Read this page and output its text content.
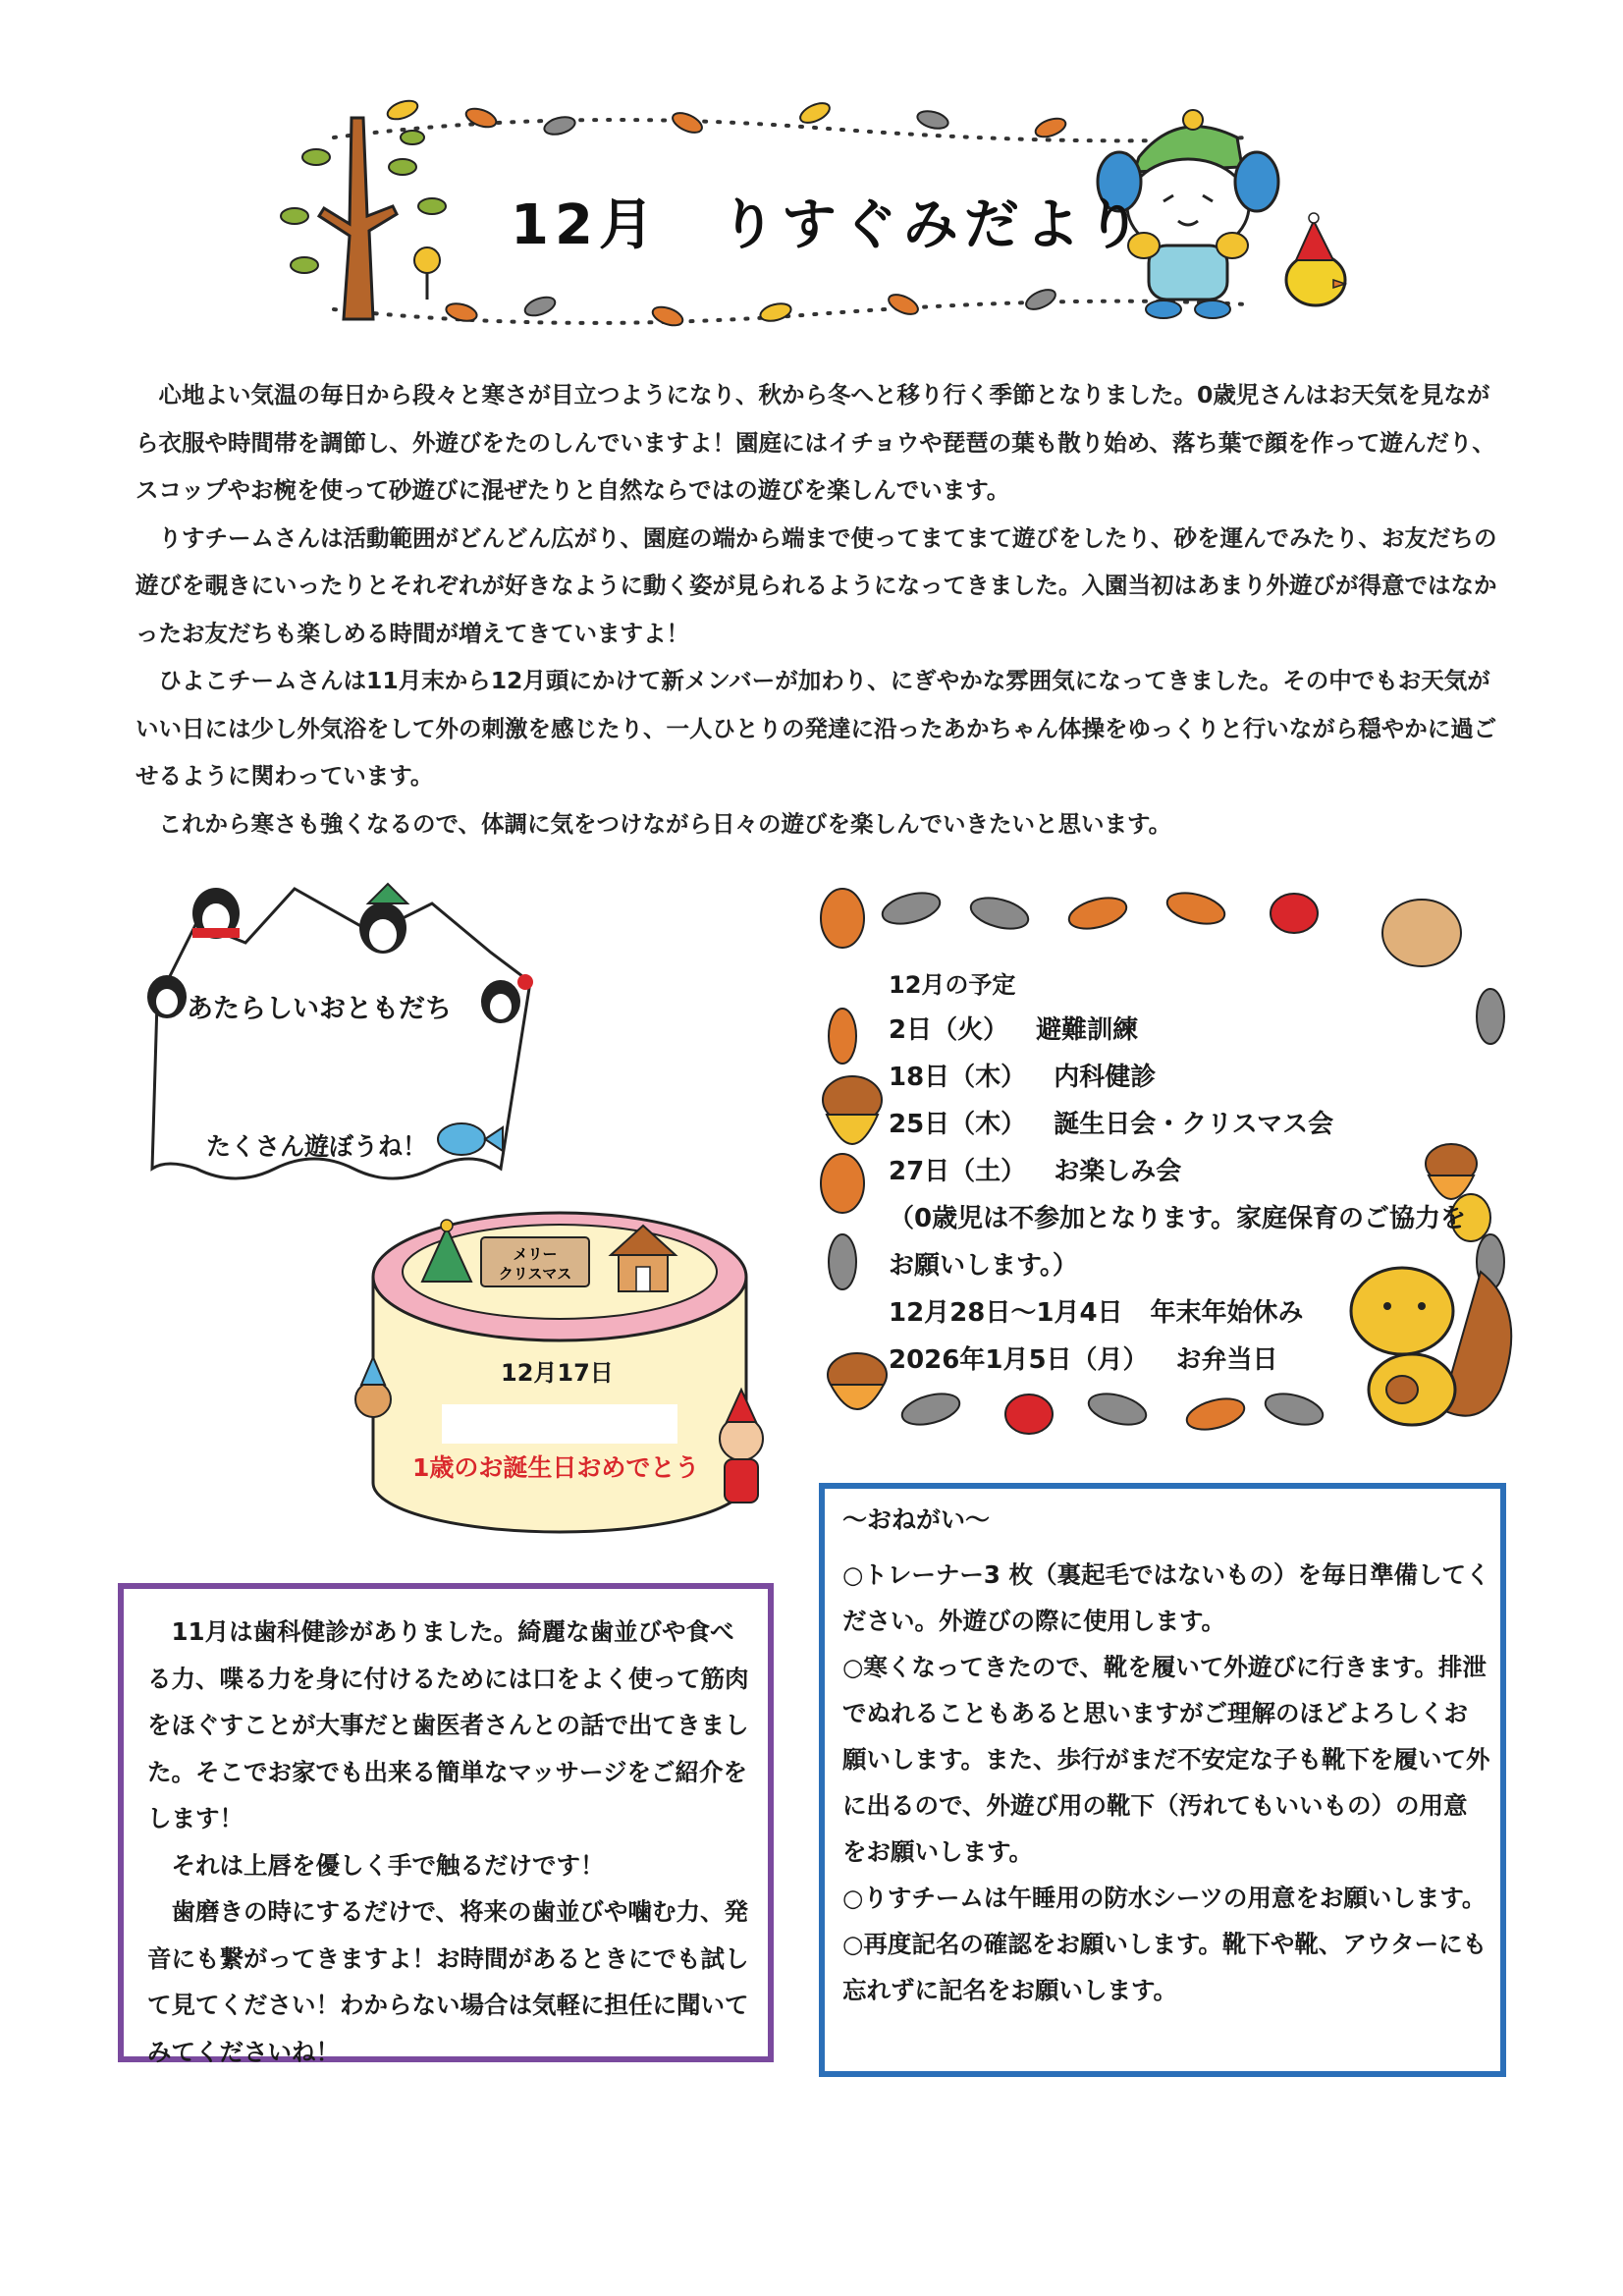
12月　りすぐみだより

心地よい気温の毎日から段々と寒さが目立つようになり、秋から冬へと移り行く季節となりました。0歳児さんはお天気を見ながら衣服や時間帯を調節し、外遊びをたのしんでいますよ！園庭にはイチョウや琵琶の葉も散り始め、落ち葉で顔を作って遊んだり、スコップやお椀を使って砂遊びに混ぜたりと自然ならではの遊びを楽しんでいます。

りすチームさんは活動範囲がどんどん広がり、園庭の端から端まで使ってまてまて遊びをしたり、砂を運んでみたり、お友だちの遊びを覗きにいったりとそれぞれが好きなように動く姿が見られるようになってきました。入園当初はあまり外遊びが得意ではなかったお友だちも楽しめる時間が増えてきていますよ！

ひよこチームさんは11月末から12月頭にかけて新メンバーが加わり、にぎやかな雰囲気になってきました。その中でもお天気がいい日には少し外気浴をして外の刺激を感じたり、一人ひとりの発達に沿ったあかちゃん体操をゆっくりと行いながら穏やかに過ごせるように関わっています。

これから寒さも強くなるので、体調に気をつけながら日々の遊びを楽しんでいきたいと思います。

あたらしいおともだち
たくさん遊ぼうね！
12月の予定
2日（火） 避難訓練
18日（木） 内科健診
25日（木） 誕生日会・クリスマス会
27日（土） お楽しみ会
（0歳児は不参加となります。家庭保育のご協力を
お願いします。）
12月28日～1月4日 年末年始休み
2026年1月5日（月） お弁当日
メリー
クリスマス
12月17日
1歳のお誕生日おめでとう

11月は歯科健診がありました。綺麗な歯並びや食べる力、喋る力を身に付けるためには口をよく使って筋肉をほぐすことが大事だと歯医者さんとの話で出てきました。そこでお家でも出来る簡単なマッサージをご紹介をします！

それは上唇を優しく手で触るだけです！

歯磨きの時にするだけで、将来の歯並びや噛む力、発音にも繋がってきますよ！お時間があるときにでも試して見てください！わからない場合は気軽に担任に聞いてみてくださいね！

～おねがい～

○トレーナー3 枚（裏起毛ではないもの）を毎日準備してください。外遊びの際に使用します。

○寒くなってきたので、靴を履いて外遊びに行きます。排泄でぬれることもあると思いますがご理解のほどよろしくお願いします。また、歩行がまだ不安定な子も靴下を履いて外に出るので、外遊び用の靴下（汚れてもいいもの）の用意をお願いします。

○りすチームは午睡用の防水シーツの用意をお願いします。

○再度記名の確認をお願いします。靴下や靴、アウターにも忘れずに記名をお願いします。
